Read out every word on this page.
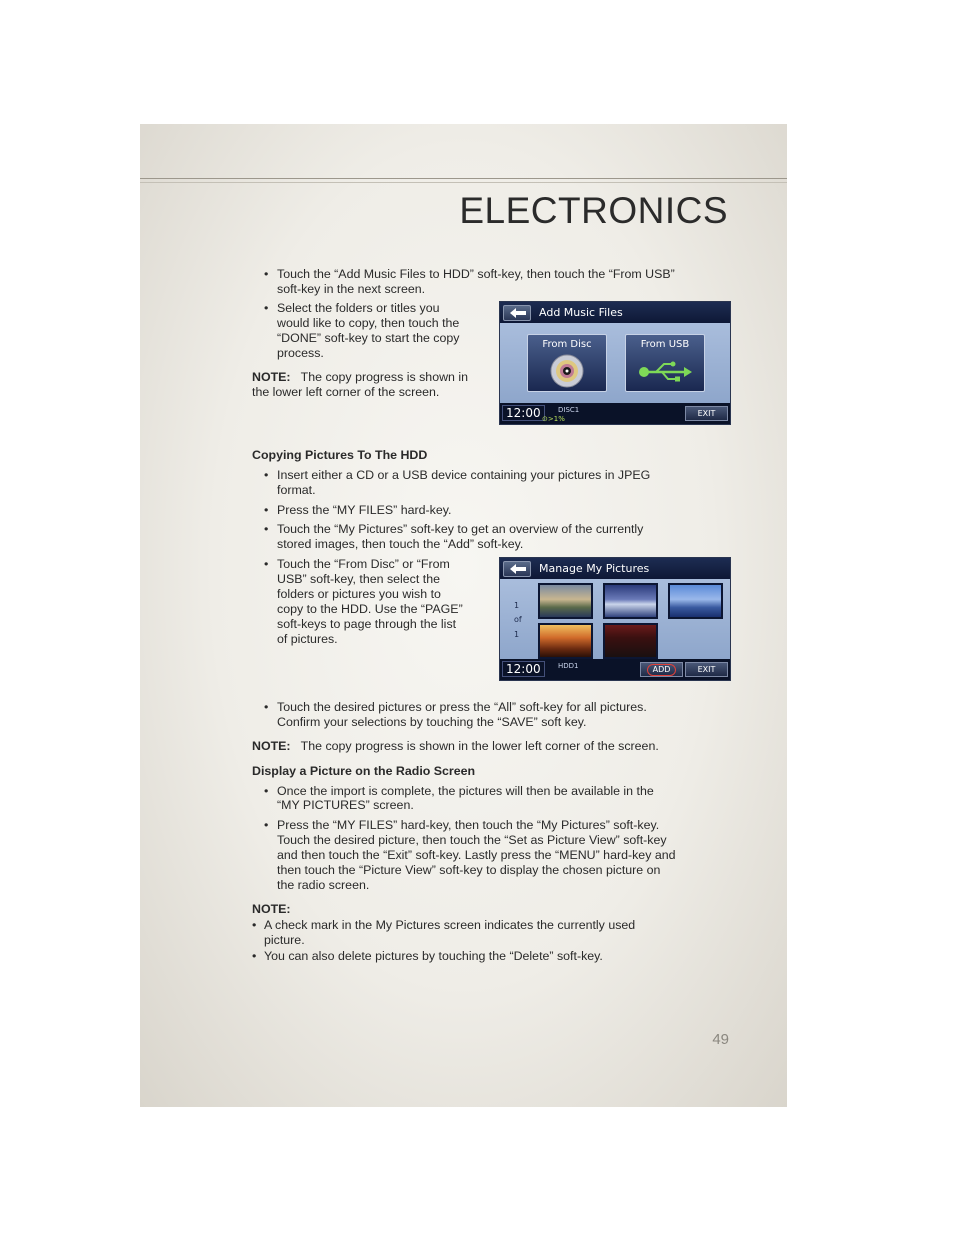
ELECTRONICS
• Touch the “Add Music Files to HDD” soft-key, then touch the “From USB”
soft-key in the next screen.
• Select the folders or titles you
would like to copy, then touch the
“DONE” soft-key to start the copy
process.
NOTE: The copy progress is shown in
the lower left corner of the screen.
Add Music Files
From Disc	From USB
12:00	DISC1
⊙>1%
EXIT
Copying Pictures To The HDD
• Insert either a CD or a USB device containing your pictures in JPEG
format.
• Press the “MY FILES” hard-key.
• Touch the “My Pictures” soft-key to get an overview of the currently
stored images, then touch the “Add” soft-key.
• Touch the “From Disc” or “From
USB” soft-key, then select the
folders or pictures you wish to
copy to the HDD. Use the “PAGE”
soft-keys to page through the list
of pictures.
Manage My Pictures
1
of
1
12:00	HDD1	ADD	EXIT
• Touch the desired pictures or press the “All” soft-key for all pictures.
Confirm your selections by touching the “SAVE” soft key.
NOTE: The copy progress is shown in the lower left corner of the screen.
Display a Picture on the Radio Screen
• Once the import is complete, the pictures will then be available in the
“MY PICTURES” screen.
• Press the “MY FILES” hard-key, then touch the “My Pictures” soft-key.
Touch the desired picture, then touch the “Set as Picture View” soft-key
and then touch the “Exit” soft-key. Lastly press the “MENU” hard-key and
then touch the “Picture View” soft-key to display the chosen picture on
the radio screen.
NOTE:
• A check mark in the My Pictures screen indicates the currently used
picture.
• You can also delete pictures by touching the “Delete” soft-key.
49
